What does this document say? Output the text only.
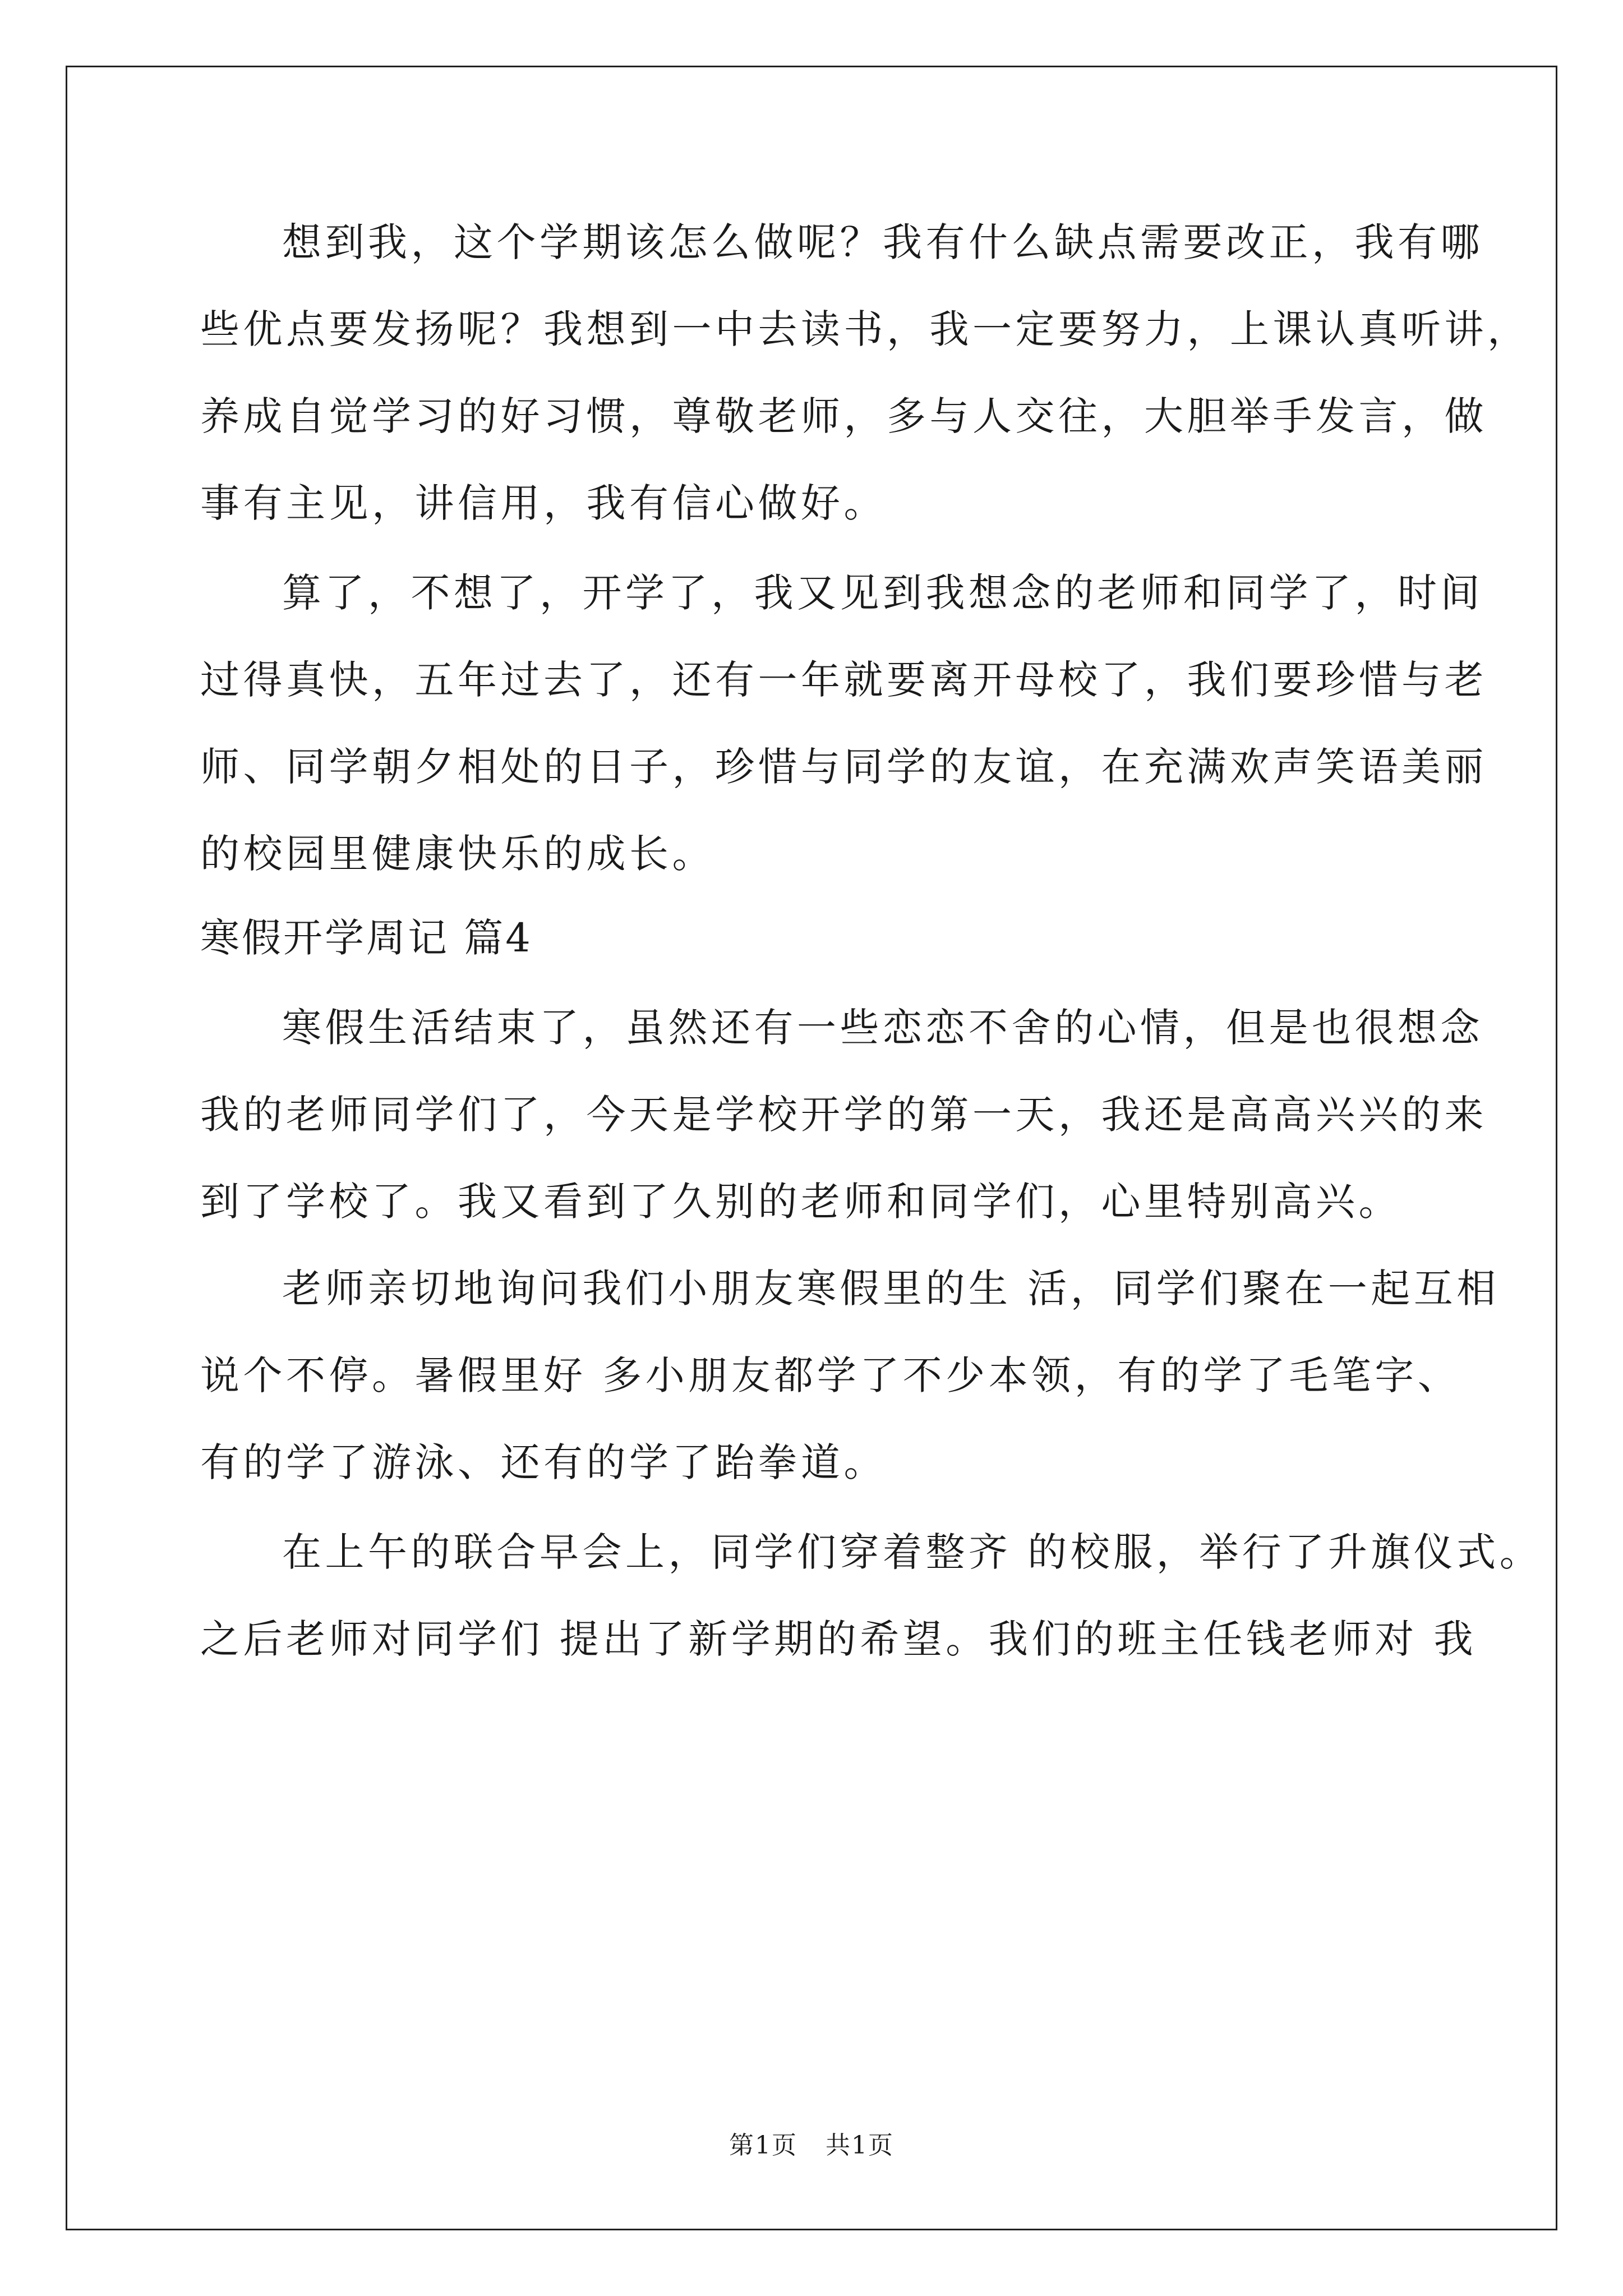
想到我，这个学期该怎么做呢？我有什么缺点需要改正，我有哪
些优点要发扬呢？我想到一中去读书，我一定要努力，上课认真听讲，
养成自觉学习的好习惯，尊敬老师，多与人交往，大胆举手发言，做
事有主见，讲信用，我有信心做好。
算了，不想了，开学了，我又见到我想念的老师和同学了，时间
过得真快，五年过去了，还有一年就要离开母校了，我们要珍惜与老
师、同学朝夕相处的日子，珍惜与同学的友谊，在充满欢声笑语美丽
的校园里健康快乐的成长。
寒假开学周记 篇4
寒假生活结束了，虽然还有一些恋恋不舍的心情，但是也很想念
我的老师同学们了，今天是学校开学的第一天，我还是高高兴兴的来
到了学校了。我又看到了久别的老师和同学们，心里特别高兴。
老师亲切地询问我们小朋友寒假里的生 活，同学们聚在一起互相
说个不停。暑假里好 多小朋友都学了不少本领，有的学了毛笔字、
有的学了游泳、还有的学了跆拳道。
在上午的联合早会上，同学们穿着整齐 的校服，举行了升旗仪式。
之后老师对同学们 提出了新学期的希望。我们的班主任钱老师对 我
第1页 共1页
